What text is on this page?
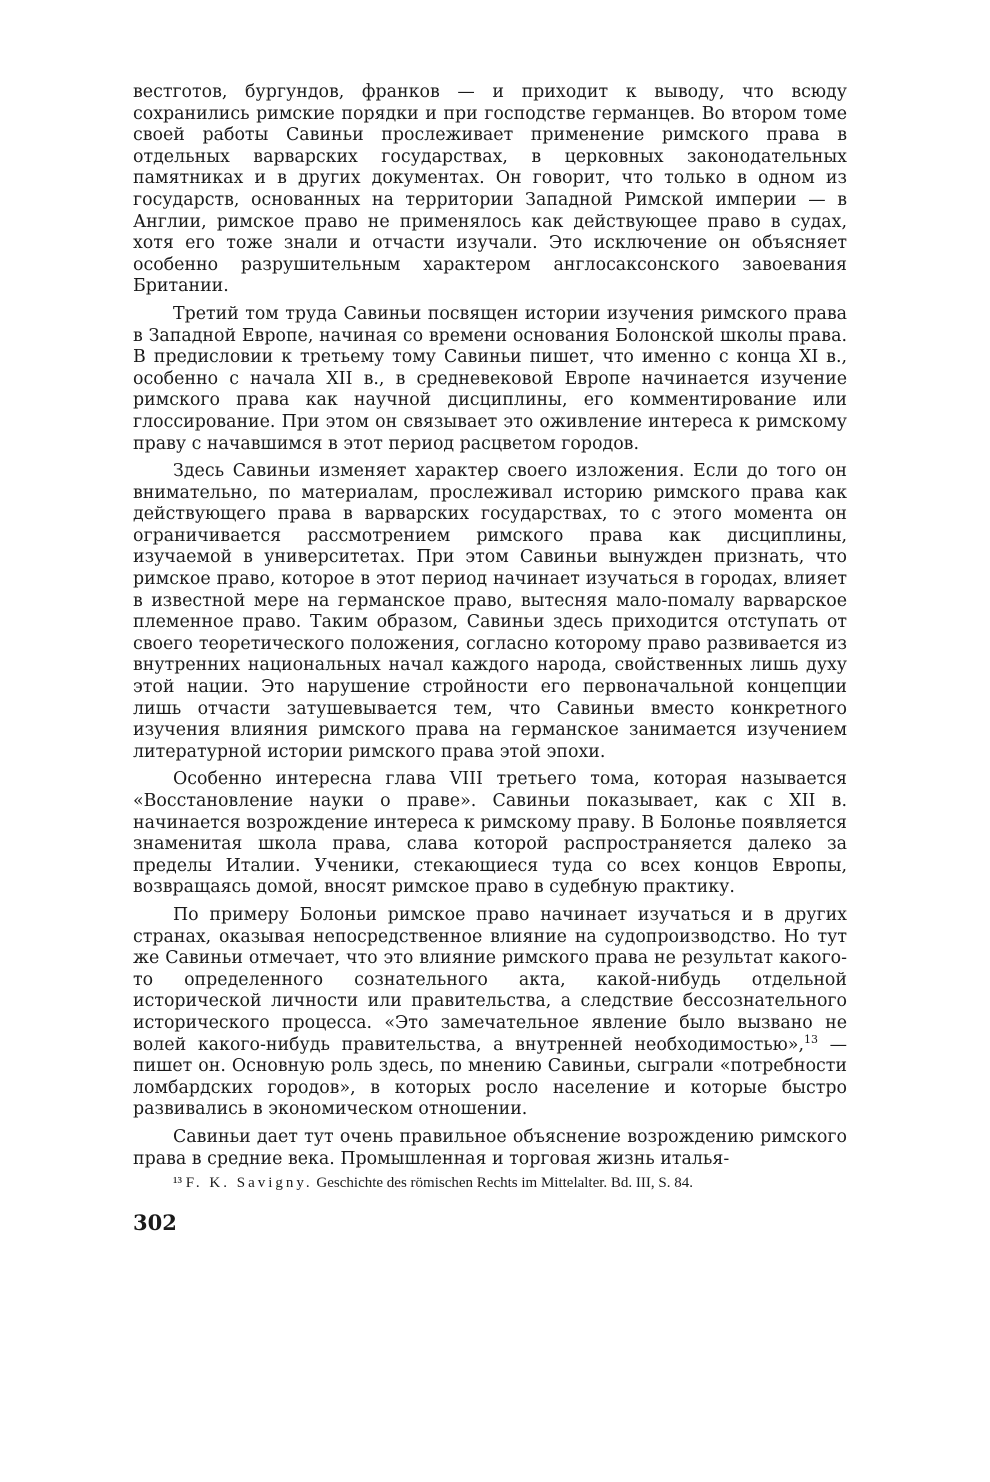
вестготов, бургундов, франков — и приходит к выводу, что всюду сохранились римские порядки и при господстве германцев. Во втором томе своей работы Савиньи прослеживает применение римского права в отдельных варварских государствах, в церковных законодательных памятниках и в других документах. Он говорит, что только в одном из государств, основанных на территории Западной Римской империи — в Англии, римское право не применялось как действующее право в судах, хотя его тоже знали и отчасти изучали. Это исключение он объясняет особенно разрушительным характером англосаксонского завоевания Британии.

Третий том труда Савиньи посвящен истории изучения римского права в Западной Европе, начиная со времени основания Болонской школы права. В предисловии к третьему тому Савиньи пишет, что именно с конца XI в., особенно с начала XII в., в средневековой Европе начинается изучение римского права как научной дисциплины, его комментирование или глоссирование. При этом он связывает это оживление интереса к римскому праву с начавшимся в этот период расцветом городов.

Здесь Савиньи изменяет характер своего изложения. Если до того он внимательно, по материалам, прослеживал историю римского права как действующего права в варварских государствах, то с этого момента он ограничивается рассмотрением римского права как дисциплины, изучаемой в университетах. При этом Савиньи вынужден признать, что римское право, которое в этот период начинает изучаться в городах, влияет в известной мере на германское право, вытесняя мало-помалу варварское племенное право. Таким образом, Савиньи здесь приходится отступать от своего теоретического положения, согласно которому право развивается из внутренних национальных начал каждого народа, свойственных лишь духу этой нации. Это нарушение стройности его первоначальной концепции лишь отчасти затушевывается тем, что Савиньи вместо конкретного изучения влияния римского права на германское занимается изучением литературной истории римского права этой эпохи.

Особенно интересна глава VIII третьего тома, которая называется «Восстановление науки о праве». Савиньи показывает, как с XII в. начинается возрождение интереса к римскому праву. В Болонье появляется знаменитая школа права, слава которой распространяется далеко за пределы Италии. Ученики, стекающиеся туда со всех концов Европы, возвращаясь домой, вносят римское право в судебную практику.

По примеру Болоньи римское право начинает изучаться и в других странах, оказывая непосредственное влияние на судопроизводство. Но тут же Савиньи отмечает, что это влияние римского права не результат какого-то определенного сознательного акта, какой-нибудь отдельной исторической личности или правительства, а следствие бессознательного исторического процесса. «Это замечательное явление было вызвано не волей какого-нибудь правительства, а внутренней необходимостью»,$^{13}$ — пишет он. Основную роль здесь, по мнению Савиньи, сыграли «потребности ломбардских городов», в которых росло население и которые быстро развивались в экономическом отношении.

Савиньи дает тут очень правильное объяснение возрождению римского права в средние века. Промышленная и торговая жизнь италья-

¹³ F. K. Savigny. Geschichte des römischen Rechts im Mittelalter. Bd. III, S. 84.

302
